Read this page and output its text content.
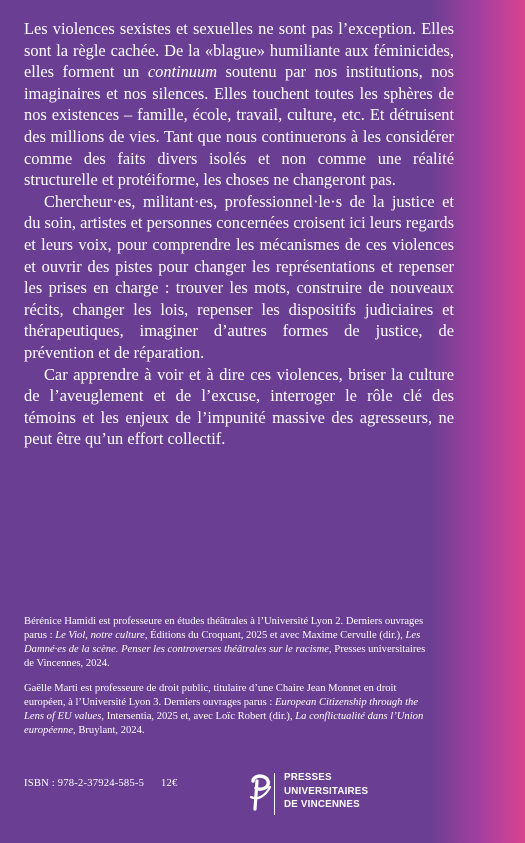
Les violences sexistes et sexuelles ne sont pas l’exception. Elles sont la règle cachée. De la «blague» humiliante aux féminicides, elles forment un continuum soutenu par nos institutions, nos imaginaires et nos silences. Elles touchent toutes les sphères de nos existences – famille, école, travail, culture, etc. Et détruisent des millions de vies. Tant que nous continuerons à les considérer comme des faits divers isolés et non comme une réalité structurelle et protéiforme, les choses ne changeront pas.

Chercheur·es, militant·es, professionnel·le·s de la justice et du soin, artistes et personnes concernées croisent ici leurs regards et leurs voix, pour comprendre les mécanismes de ces violences et ouvrir des pistes pour changer les représentations et repenser les prises en charge : trouver les mots, construire de nouveaux récits, changer les lois, repenser les dispositifs judiciaires et thérapeutiques, imaginer d’autres formes de justice, de prévention et de réparation.

Car apprendre à voir et à dire ces violences, briser la culture de l’aveuglement et de l’excuse, interroger le rôle clé des témoins et les enjeux de l’impunité massive des agresseurs, ne peut être qu’un effort collectif.

Bérénice Hamidi est professeure en études théâtrales à l’Université Lyon 2. Derniers ouvrages parus : Le Viol, notre culture, Éditions du Croquant, 2025 et avec Maxime Cervulle (dir.), Les Damné·es de la scène. Penser les controverses théâtrales sur le racisme, Presses universitaires de Vincennes, 2024.

Gaëlle Marti est professeure de droit public, titulaire d’une Chaire Jean Monnet en droit européen, à l’Université Lyon 3. Derniers ouvrages parus : European Citizenship through the Lens of EU values, Intersentia, 2025 et, avec Loïc Robert (dir.), La conflictualité dans l’Union européenne, Bruylant, 2024.

ISBN : 978-2-37924-585-5 12€
PRESSES
UNIVERSITAIRES
DE VINCENNES
